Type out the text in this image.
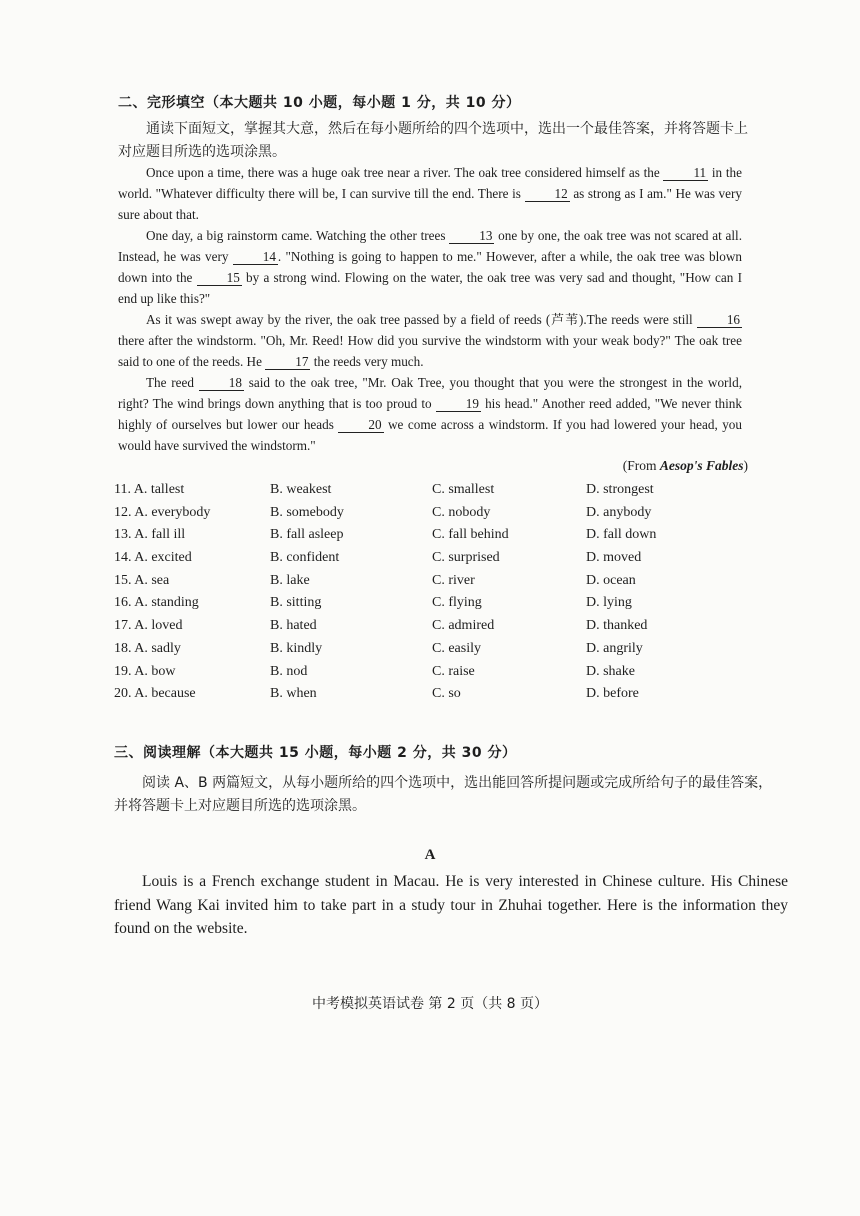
二、完形填空（本大题共 10 小题，每小题 1 分，共 10 分）
通读下面短文，掌握其大意，然后在每小题所给的四个选项中，选出一个最佳答案，并将答题卡上对应题目所选的选项涂黑。

Once upon a time, there was a huge oak tree near a river. The oak tree considered himself as the 11 in the world. "Whatever difficulty there will be, I can survive till the end. There is 12 as strong as I am." He was very sure about that.

One day, a big rainstorm came. Watching the other trees 13 one by one, the oak tree was not scared at all. Instead, he was very 14 . "Nothing is going to happen to me." However, after a while, the oak tree was blown down into the 15 by a strong wind. Flowing on the water, the oak tree was very sad and thought, "How can I end up like this?"

As it was swept away by the river, the oak tree passed by a field of reeds (芦苇).The reeds were still 16 there after the windstorm. "Oh, Mr. Reed! How did you survive the windstorm with your weak body?" The oak tree said to one of the reeds. He 17 the reeds very much.

The reed 18 said to the oak tree, "Mr. Oak Tree, you thought that you were the strongest in the world, right? The wind brings down anything that is too proud to 19 his head." Another reed added, "We never think highly of ourselves but lower our heads 20 we come across a windstorm. If you had lowered your head, you would have survived the windstorm."

(From Aesop's Fables)
11. A. tallest	B. weakest	C. smallest	D. strongest
12. A. everybody	B. somebody	C. nobody	D. anybody
13. A. fall ill	B. fall asleep	C. fall behind	D. fall down
14. A. excited	B. confident	C. surprised	D. moved
15. A. sea	B. lake	C. river	D. ocean
16. A. standing	B. sitting	C. flying	D. lying
17. A. loved	B. hated	C. admired	D. thanked
18. A. sadly	B. kindly	C. easily	D. angrily
19. A. bow	B. nod	C. raise	D. shake
20. A. because	B. when	C. so	D. before
三、阅读理解（本大题共 15 小题，每小题 2 分，共 30 分）
阅读 A、B 两篇短文，从每小题所给的四个选项中，选出能回答所提问题或完成所给句子的最佳答案，并将答题卡上对应题目所选的选项涂黑。
A

Louis is a French exchange student in Macau. He is very interested in Chinese culture. His Chinese friend Wang Kai invited him to take part in a study tour in Zhuhai together. Here is the information they found on the website.

中考模拟英语试卷 第 2 页（共 8 页）
